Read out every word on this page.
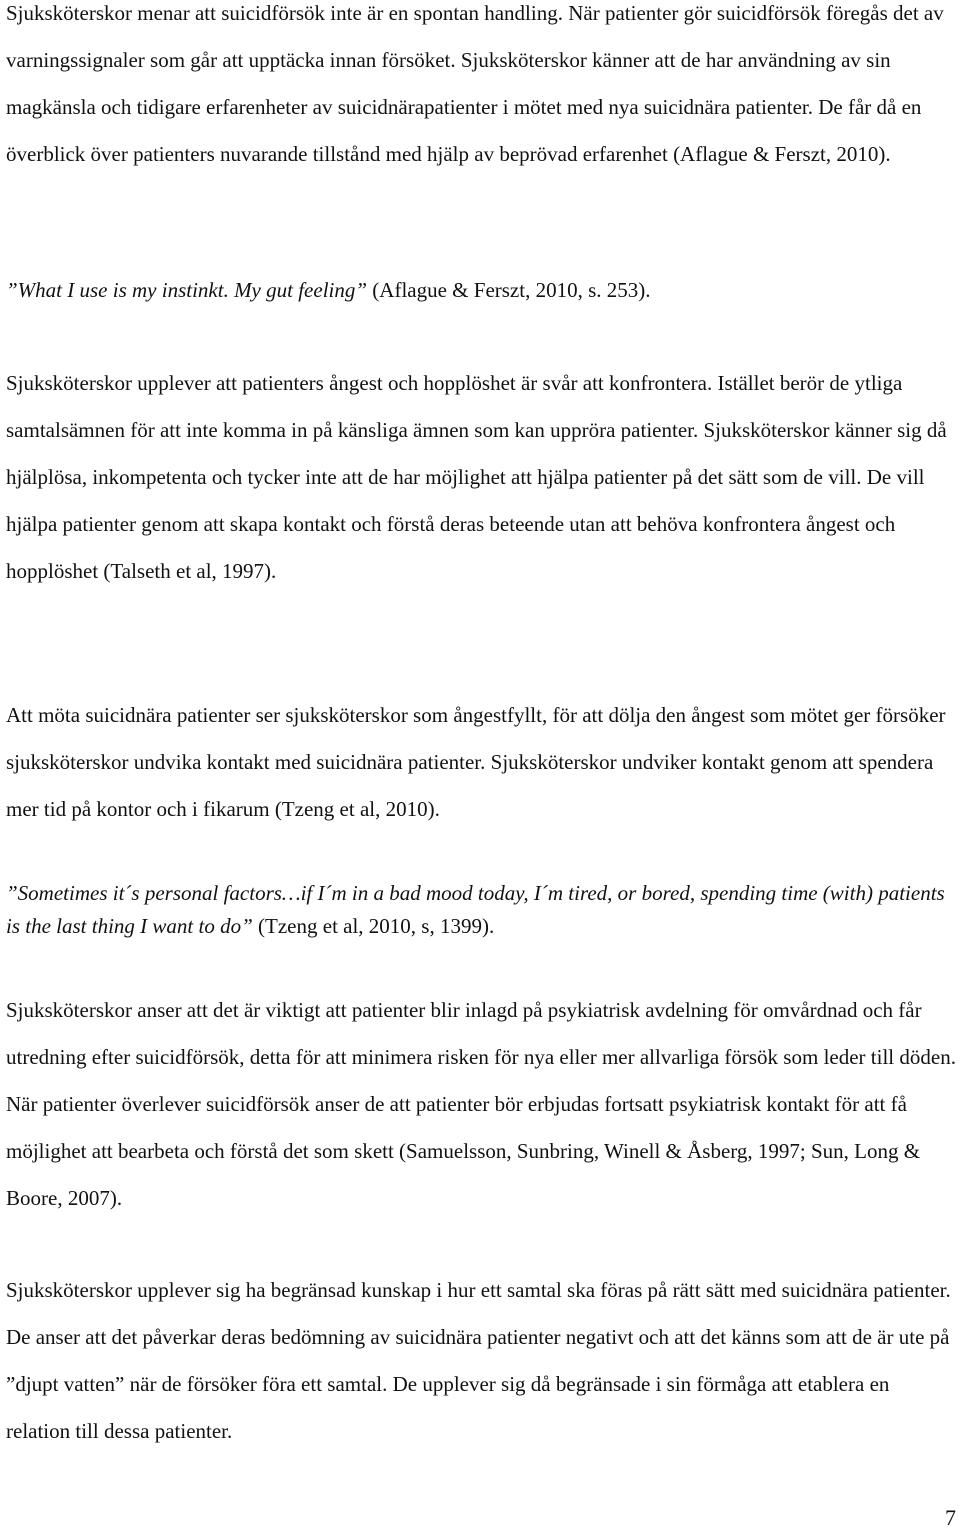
Sjuksköterskor menar att suicidförsök inte är en spontan handling. När patienter gör suicidförsök föregås det av varningssignaler som går att upptäcka innan försöket. Sjuksköterskor känner att de har användning av sin magkänsla och tidigare erfarenheter av suicidnärapatienter i mötet med nya suicidnära patienter. De får då en överblick över patienters nuvarande tillstånd med hjälp av beprövad erfarenhet (Aflague & Ferszt, 2010).

”What I use is my instinkt. My gut feeling” (Aflague & Ferszt, 2010, s. 253).

Sjuksköterskor upplever att patienters ångest och hopplöshet är svår att konfrontera. Istället berör de ytliga samtalsämnen för att inte komma in på känsliga ämnen som kan uppröra patienter. Sjuksköterskor känner sig då hjälplösa, inkompetenta och tycker inte att de har möjlighet att hjälpa patienter på det sätt som de vill. De vill hjälpa patienter genom att skapa kontakt och förstå deras beteende utan att behöva konfrontera ångest och hopplöshet (Talseth et al, 1997).

Att möta suicidnära patienter ser sjuksköterskor som ångestfyllt, för att dölja den ångest som mötet ger försöker sjuksköterskor undvika kontakt med suicidnära patienter. Sjuksköterskor undviker kontakt genom att spendera mer tid på kontor och i fikarum (Tzeng et al, 2010).

”Sometimes it´s personal factors…if I´m in a bad mood today, I´m tired, or bored, spending time (with) patients is the last thing I want to do” (Tzeng et al, 2010, s, 1399).

Sjuksköterskor anser att det är viktigt att patienter blir inlagd på psykiatrisk avdelning för omvårdnad och får utredning efter suicidförsök, detta för att minimera risken för nya eller mer allvarliga försök som leder till döden. När patienter överlever suicidförsök anser de att patienter bör erbjudas fortsatt psykiatrisk kontakt för att få möjlighet att bearbeta och förstå det som skett (Samuelsson, Sunbring, Winell & Åsberg, 1997; Sun, Long & Boore, 2007).

Sjuksköterskor upplever sig ha begränsad kunskap i hur ett samtal ska föras på rätt sätt med suicidnära patienter. De anser att det påverkar deras bedömning av suicidnära patienter negativt och att det känns som att de är ute på ”djupt vatten” när de försöker föra ett samtal. De upplever sig då begränsade i sin förmåga att etablera en relation till dessa patienter.

7
